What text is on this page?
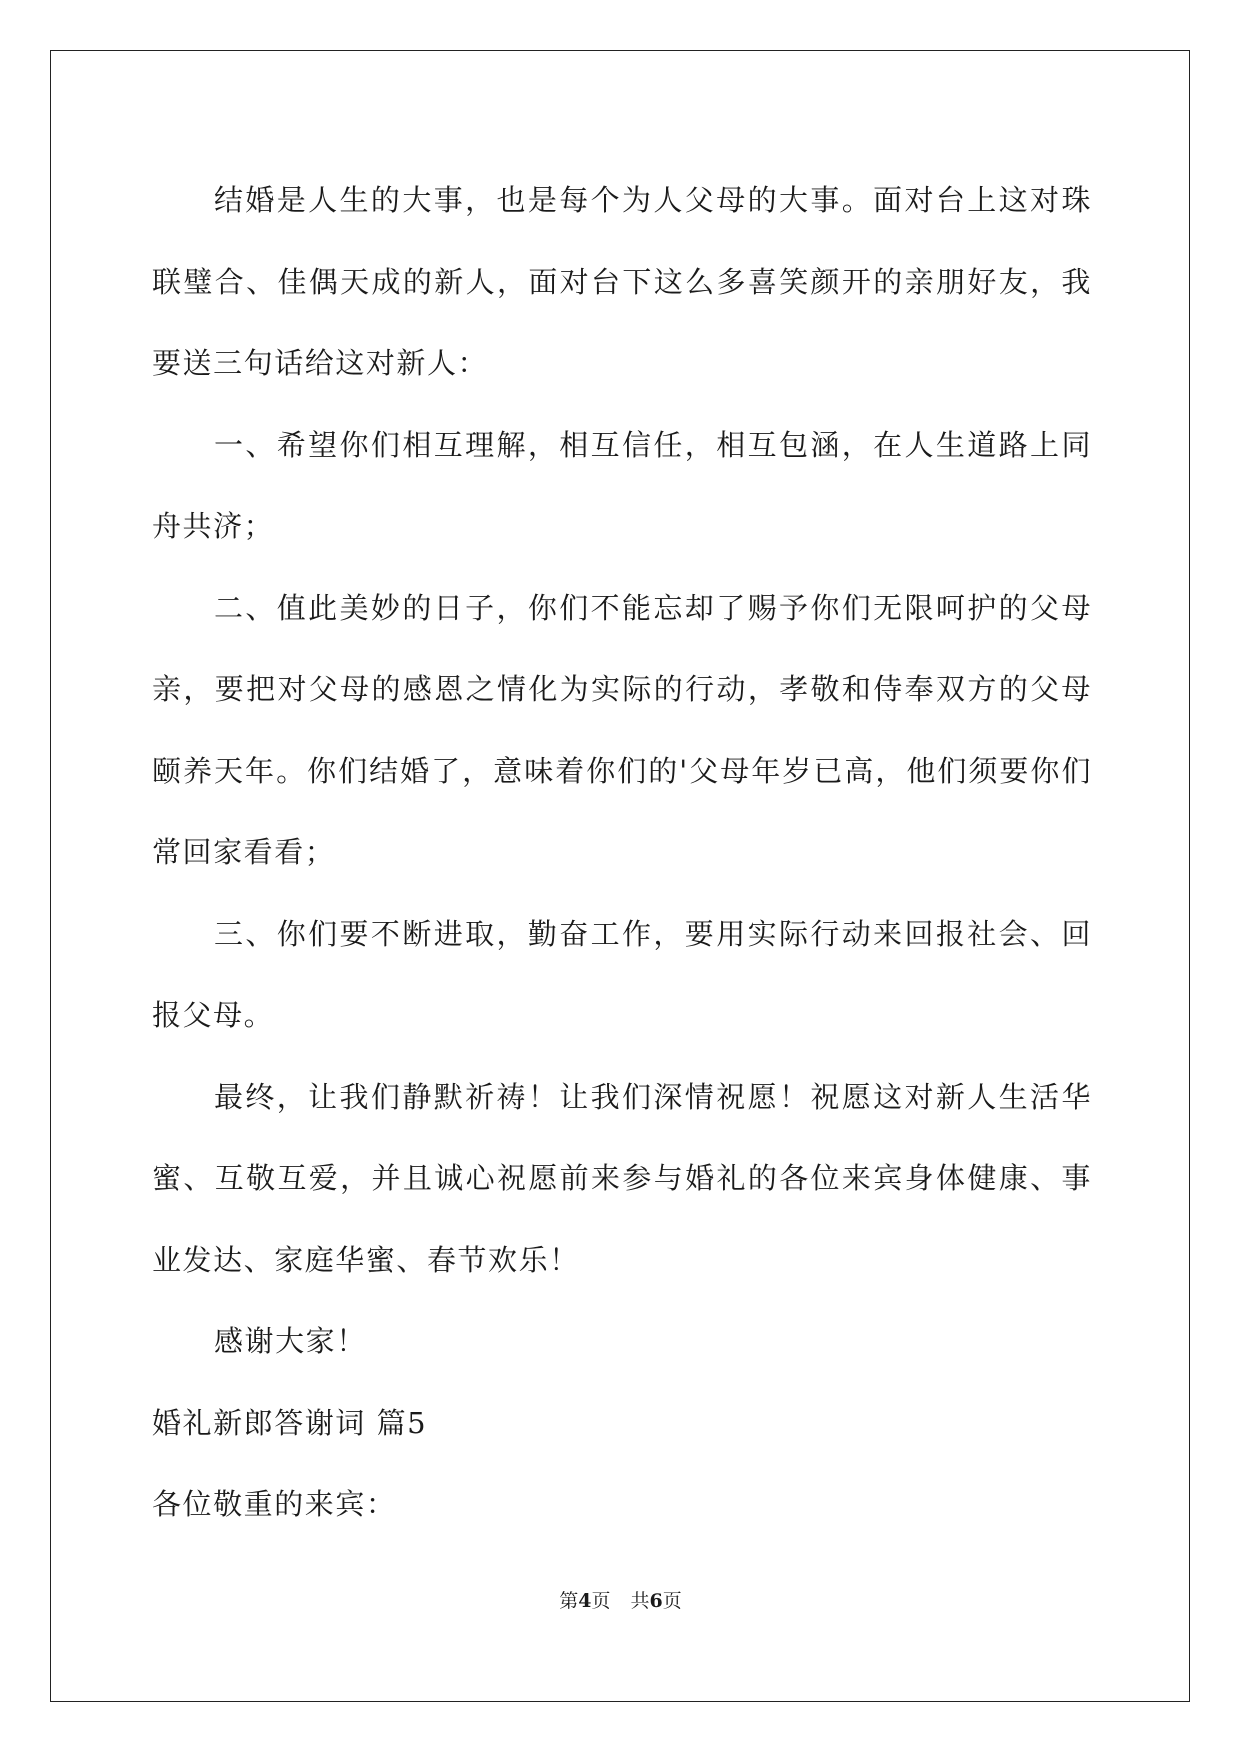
结婚是人生的大事，也是每个为人父母的大事。面对台上这对珠联璧合、佳偶天成的新人，面对台下这么多喜笑颜开的亲朋好友，我要送三句话给这对新人：

一、希望你们相互理解，相互信任，相互包涵，在人生道路上同舟共济；

二、值此美妙的日子，你们不能忘却了赐予你们无限呵护的父母亲，要把对父母的感恩之情化为实际的行动，孝敬和侍奉双方的父母颐养天年。你们结婚了，意味着你们的'父母年岁已高，他们须要你们常回家看看；

三、你们要不断进取，勤奋工作，要用实际行动来回报社会、回报父母。

最终，让我们静默祈祷！让我们深情祝愿！祝愿这对新人生活华蜜、互敬互爱，并且诚心祝愿前来参与婚礼的各位来宾身体健康、事业发达、家庭华蜜、春节欢乐！

感谢大家！

婚礼新郎答谢词 篇5

各位敬重的来宾：

第4页 共6页
